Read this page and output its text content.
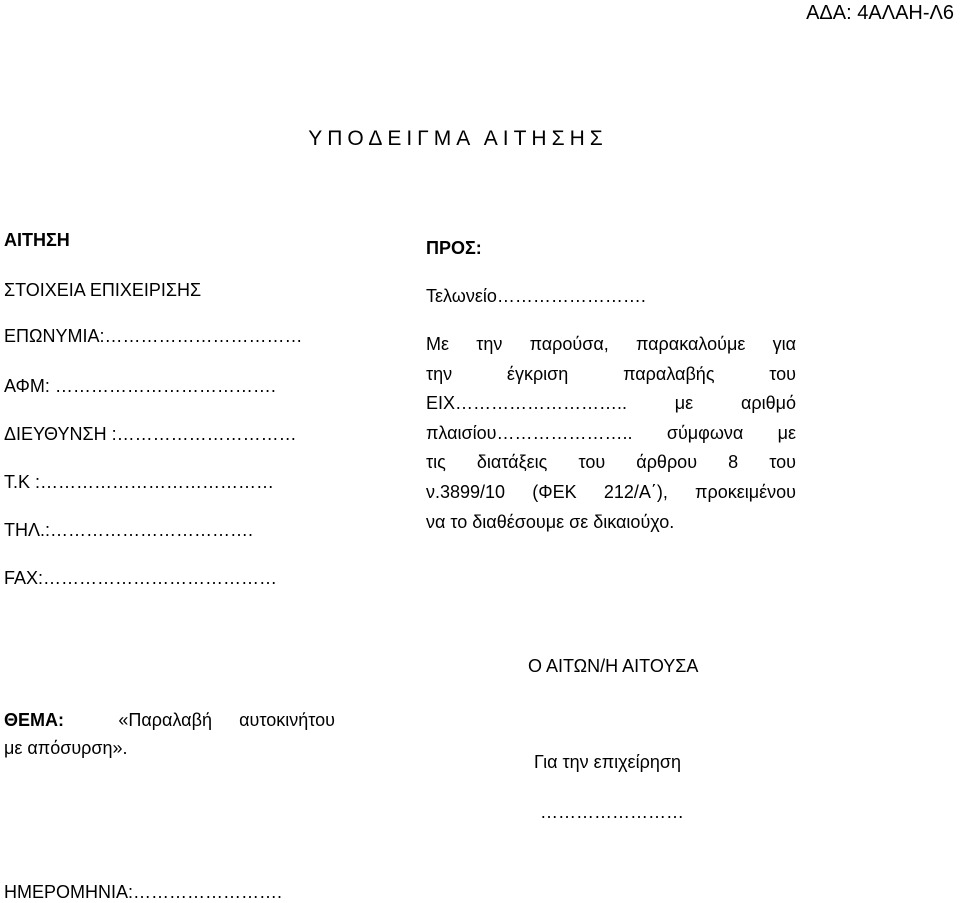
ΑΔΑ: 4ΑΛΑΗ-Λ6
ΥΠΟΔΕΙΓΜΑ ΑΙΤΗΣΗΣ
ΑΙΤΗΣΗ
ΣΤΟΙΧΕΙΑ ΕΠΙΧΕΙΡΙΣΗΣ
ΕΠΩΝΥΜΙΑ:……………………………
ΑΦΜ: ……………………………….
ΔΙΕΥΘΥΝΣΗ :…………………………
Τ.Κ :…………………………………
ΤΗΛ.:…………………………….
FAX:…………………………………
ΠΡΟΣ:
Τελωνείο…………………….
Με την παρούσα, παρακαλούμε για
την έγκριση παραλαβής του
ΕΙΧ……………………….. με αριθμό
πλαισίου………………….. σύμφωνα με
τις διατάξεις του άρθρου 8 του
ν.3899/10 (ΦΕΚ 212/Α΄), προκειμένου
να το διαθέσουμε σε δικαιούχο.
Ο ΑΙΤΩΝ/Η ΑΙΤΟΥΣΑ
ΘΕΜΑ:	«Παραλαβή αυτοκινήτου
με απόσυρση».
Για την επιχείρηση
……………………
ΗΜΕΡΟΜΗΝΙΑ:…………………….
